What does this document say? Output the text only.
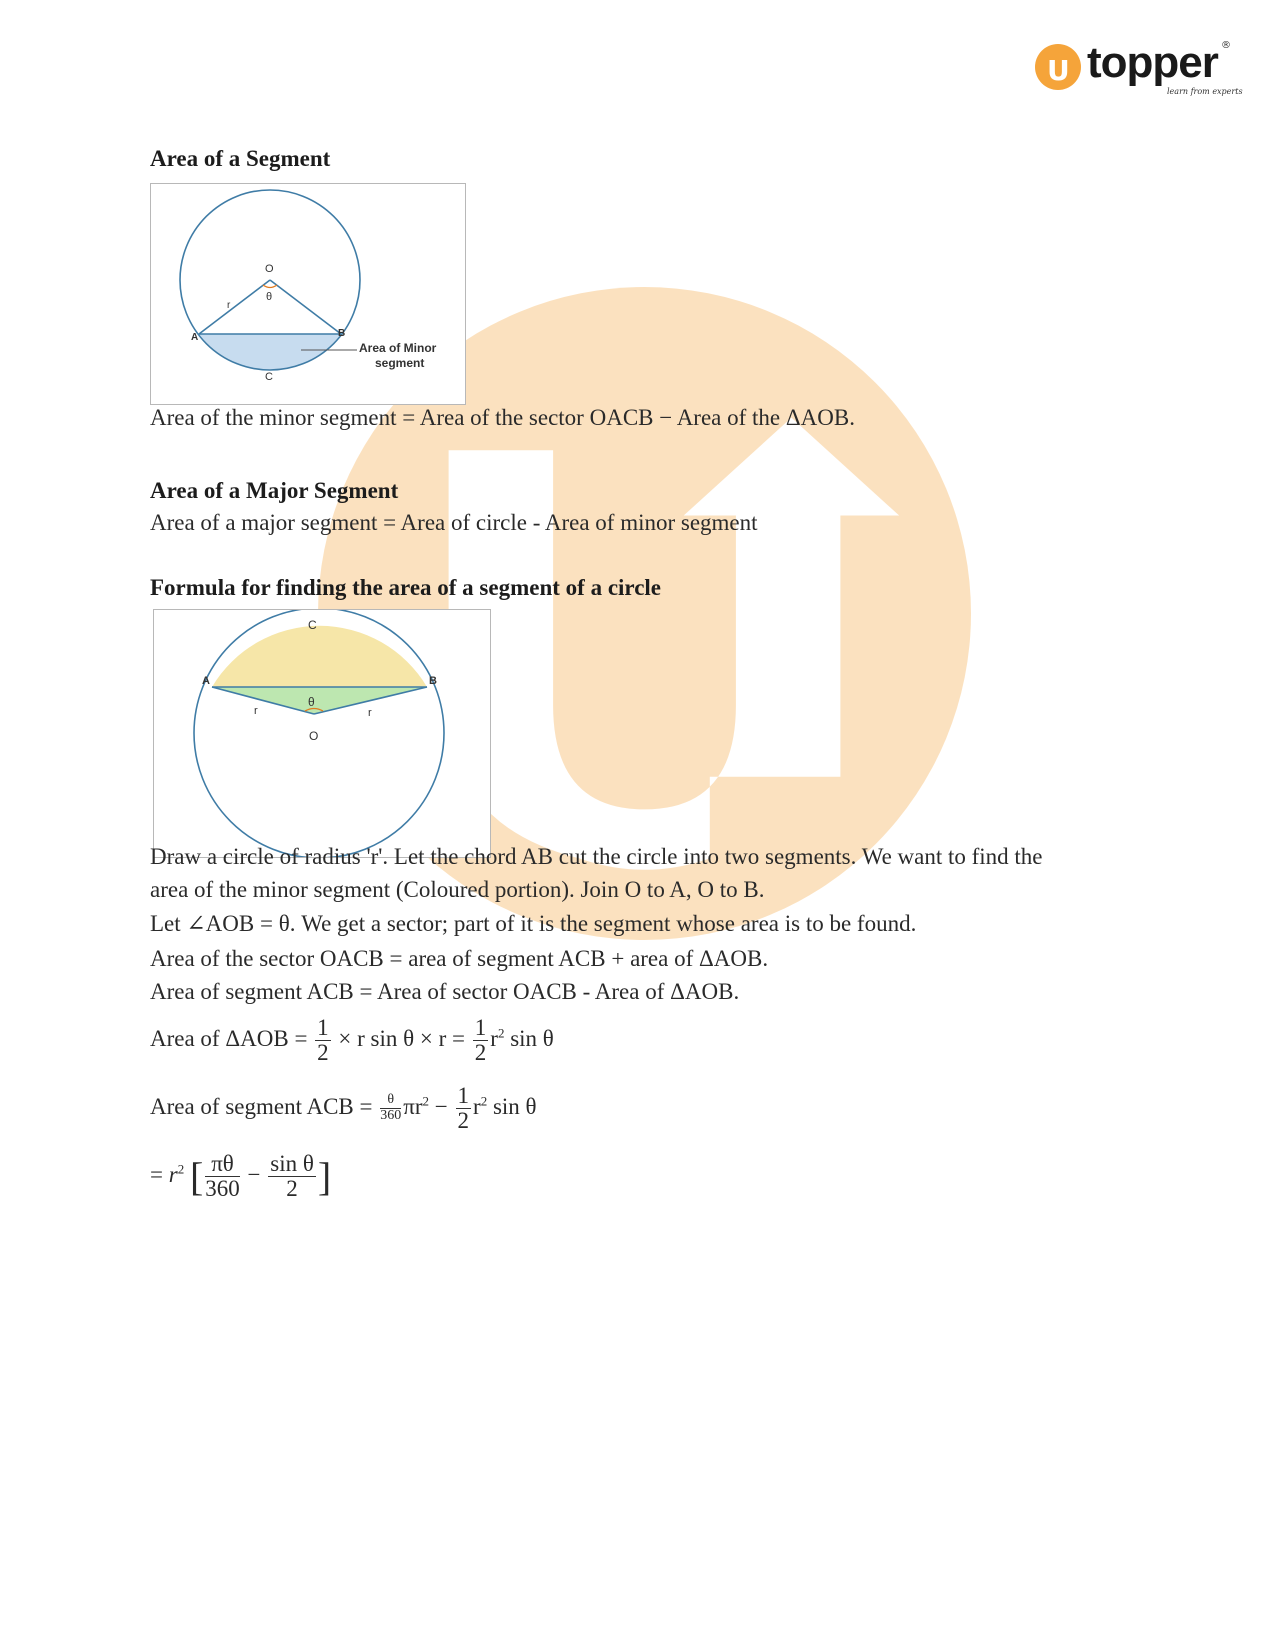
U topper ®
learn from experts
Area of a Segment
O
θ
r
A	B
C
Area of Minor
segment
Area of the minor segment = Area of the sector OACB − Area of the ΔAOB.
Area of a Major Segment
Area of a major segment = Area of circle - Area of minor segment
Formula for finding the area of a segment of a circle
C
A	B
r	r
θ
O
Draw a circle of radius 'r'. Let the chord AB cut the circle into two segments. We want to find the
area of the minor segment (Coloured portion). Join O to A, O to B.
Let ∠AOB = θ. We get a sector; part of it is the segment whose area is to be found.
Area of the sector OACB = area of segment ACB + area of ΔAOB.
Area of segment ACB = Area of sector OACB - Area of ΔAOB.
Area of $\Delta AOB = \frac{1}{2} \times r$ $\sin \theta \times r = \frac{1}{2} r^2$ sin θ
Area of segment ACB = $\frac{\theta}{360} \pi r^2 - \frac{1}{2} r^2$ sin θ
= $r^2$ [ $\frac{\pi\theta}{360} - \frac{\text{sin θ}}{2}$ ]
